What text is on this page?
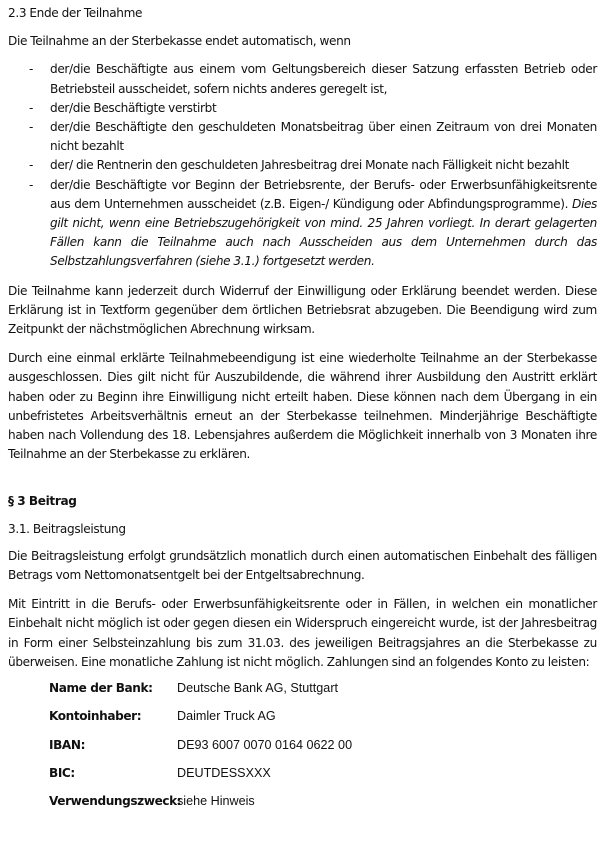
2.3 Ende der Teilnahme

Die Teilnahme an der Sterbekasse endet automatisch, wenn

- der/die Beschäftigte aus einem vom Geltungsbereich dieser Satzung erfassten Betrieb oder Betriebsteil ausscheidet, sofern nichts anderes geregelt ist,
- der/die Beschäftigte verstirbt
- der/die Beschäftigte den geschuldeten Monatsbeitrag über einen Zeitraum von drei Monaten nicht bezahlt
- der/ die Rentnerin den geschuldeten Jahresbeitrag drei Monate nach Fälligkeit nicht bezahlt
- der/die Beschäftigte vor Beginn der Betriebsrente, der Berufs- oder Erwerbsunfähigkeitsrente aus dem Unternehmen ausscheidet (z.B. Eigen-/ Kündigung oder Abfindungsprogramme). Dies gilt nicht, wenn eine Betriebszugehörigkeit von mind. 25 Jahren vorliegt. In derart gelagerten Fällen kann die Teilnahme auch nach Ausscheiden aus dem Unternehmen durch das Selbstzahlungsverfahren (siehe 3.1.) fortgesetzt werden.

Die Teilnahme kann jederzeit durch Widerruf der Einwilligung oder Erklärung beendet werden. Diese Erklärung ist in Textform gegenüber dem örtlichen Betriebsrat abzugeben. Die Beendigung wird zum Zeitpunkt der nächstmöglichen Abrechnung wirksam.

Durch eine einmal erklärte Teilnahmebeendigung ist eine wiederholte Teilnahme an der Sterbekasse ausgeschlossen. Dies gilt nicht für Auszubildende, die während ihrer Ausbildung den Austritt erklärt haben oder zu Beginn ihre Einwilligung nicht erteilt haben. Diese können nach dem Übergang in ein unbefristetes Arbeitsverhältnis erneut an der Sterbekasse teilnehmen. Minderjährige Beschäftigte haben nach Vollendung des 18. Lebensjahres außerdem die Möglichkeit innerhalb von 3 Monaten ihre Teilnahme an der Sterbekasse zu erklären.

§ 3 Beitrag

3.1. Beitragsleistung

Die Beitragsleistung erfolgt grundsätzlich monatlich durch einen automatischen Einbehalt des fälligen Betrags vom Nettomonatsentgelt bei der Entgeltsabrechnung.

Mit Eintritt in die Berufs- oder Erwerbsunfähigkeitsrente oder in Fällen, in welchen ein monatlicher Einbehalt nicht möglich ist oder gegen diesen ein Widerspruch eingereicht wurde, ist der Jahresbeitrag in Form einer Selbsteinzahlung bis zum 31.03. des jeweiligen Beitragsjahres an die Sterbekasse zu überweisen. Eine monatliche Zahlung ist nicht möglich. Zahlungen sind an folgendes Konto zu leisten:

Name der Bank:	Deutsche Bank AG, Stuttgart
Kontoinhaber:	Daimler Truck AG
IBAN:	DE93 6007 0070 0164 0622 00
BIC:	DEUTDESSXXX
Verwendungszweck:
siehe Hinweis
